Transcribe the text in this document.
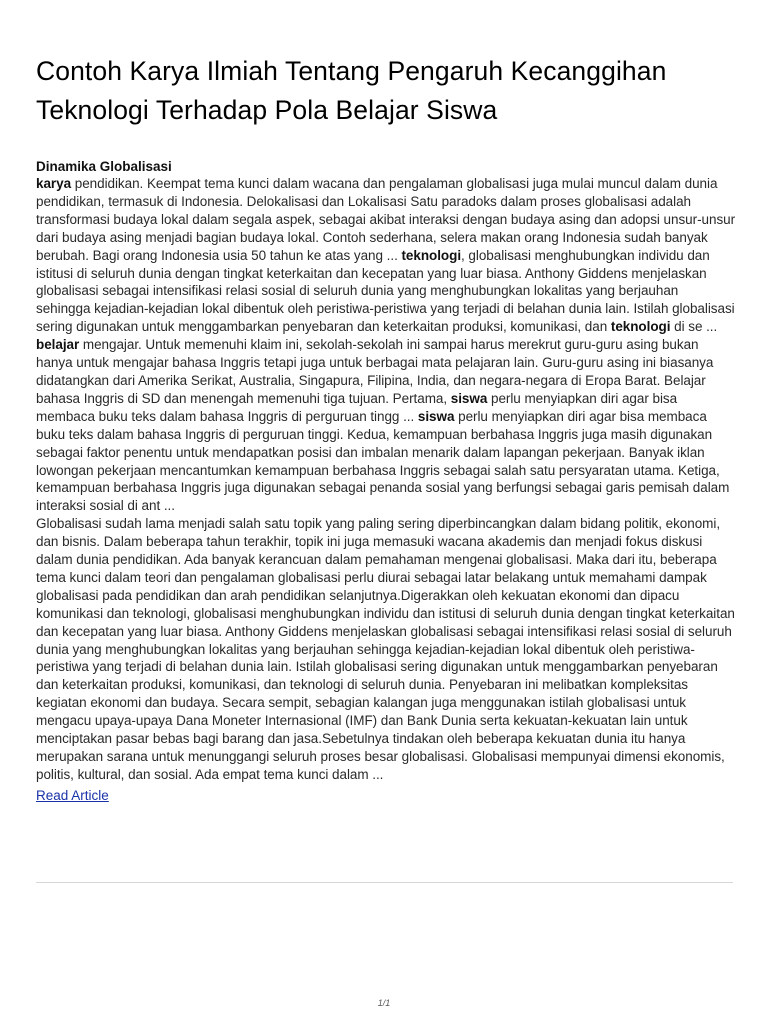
Contoh Karya Ilmiah Tentang Pengaruh Kecanggihan Teknologi Terhadap Pola Belajar Siswa
Dinamika Globalisasi

karya pendidikan. Keempat tema kunci dalam wacana dan pengalaman globalisasi juga mulai muncul dalam dunia pendidikan, termasuk di Indonesia. Delokalisasi dan Lokalisasi Satu paradoks dalam proses globalisasi adalah transformasi budaya lokal dalam segala aspek, sebagai akibat interaksi dengan budaya asing dan adopsi unsur-unsur dari budaya asing menjadi bagian budaya lokal. Contoh sederhana, selera makan orang Indonesia sudah banyak berubah. Bagi orang Indonesia usia 50 tahun ke atas yang ... teknologi, globalisasi menghubungkan individu dan istitusi di seluruh dunia dengan tingkat keterkaitan dan kecepatan yang luar biasa. Anthony Giddens menjelaskan globalisasi sebagai intensifikasi relasi sosial di seluruh dunia yang menghubungkan lokalitas yang berjauhan sehingga kejadian-kejadian lokal dibentuk oleh peristiwa-peristiwa yang terjadi di belahan dunia lain. Istilah globalisasi sering digunakan untuk menggambarkan penyebaran dan keterkaitan produksi, komunikasi, dan teknologi di se ... belajar mengajar. Untuk memenuhi klaim ini, sekolah-sekolah ini sampai harus merekrut guru-guru asing bukan hanya untuk mengajar bahasa Inggris tetapi juga untuk berbagai mata pelajaran lain. Guru-guru asing ini biasanya didatangkan dari Amerika Serikat, Australia, Singapura, Filipina, India, dan negara-negara di Eropa Barat. Belajar bahasa Inggris di SD dan menengah memenuhi tiga tujuan. Pertama, siswa perlu menyiapkan diri agar bisa membaca buku teks dalam bahasa Inggris di perguruan tingg ... siswa perlu menyiapkan diri agar bisa membaca buku teks dalam bahasa Inggris di perguruan tinggi. Kedua, kemampuan berbahasa Inggris juga masih digunakan sebagai faktor penentu untuk mendapatkan posisi dan imbalan menarik dalam lapangan pekerjaan. Banyak iklan lowongan pekerjaan mencantumkan kemampuan berbahasa Inggris sebagai salah satu persyaratan utama. Ketiga, kemampuan berbahasa Inggris juga digunakan sebagai penanda sosial yang berfungsi sebagai garis pemisah dalam interaksi sosial di ant ...

Globalisasi sudah lama menjadi salah satu topik yang paling sering diperbincangkan dalam bidang politik, ekonomi, dan bisnis. Dalam beberapa tahun terakhir, topik ini juga memasuki wacana akademis dan menjadi fokus diskusi dalam dunia pendidikan. Ada banyak kerancuan dalam pemahaman mengenai globalisasi. Maka dari itu, beberapa tema kunci dalam teori dan pengalaman globalisasi perlu diurai sebagai latar belakang untuk memahami dampak globalisasi pada pendidikan dan arah pendidikan selanjutnya.Digerakkan oleh kekuatan ekonomi dan dipacu komunikasi dan teknologi, globalisasi menghubungkan individu dan istitusi di seluruh dunia dengan tingkat keterkaitan dan kecepatan yang luar biasa. Anthony Giddens menjelaskan globalisasi sebagai intensifikasi relasi sosial di seluruh dunia yang menghubungkan lokalitas yang berjauhan sehingga kejadian-kejadian lokal dibentuk oleh peristiwa-peristiwa yang terjadi di belahan dunia lain. Istilah globalisasi sering digunakan untuk menggambarkan penyebaran dan keterkaitan produksi, komunikasi, dan teknologi di seluruh dunia. Penyebaran ini melibatkan kompleksitas kegiatan ekonomi dan budaya. Secara sempit, sebagian kalangan juga menggunakan istilah globalisasi untuk mengacu upaya-upaya Dana Moneter Internasional (IMF) dan Bank Dunia serta kekuatan-kekuatan lain untuk menciptakan pasar bebas bagi barang dan jasa.Sebetulnya tindakan oleh beberapa kekuatan dunia itu hanya merupakan sarana untuk menunggangi seluruh proses besar globalisasi. Globalisasi mempunyai dimensi ekonomis, politis, kultural, dan sosial. Ada empat tema kunci dalam ...

Read Article
1/1
